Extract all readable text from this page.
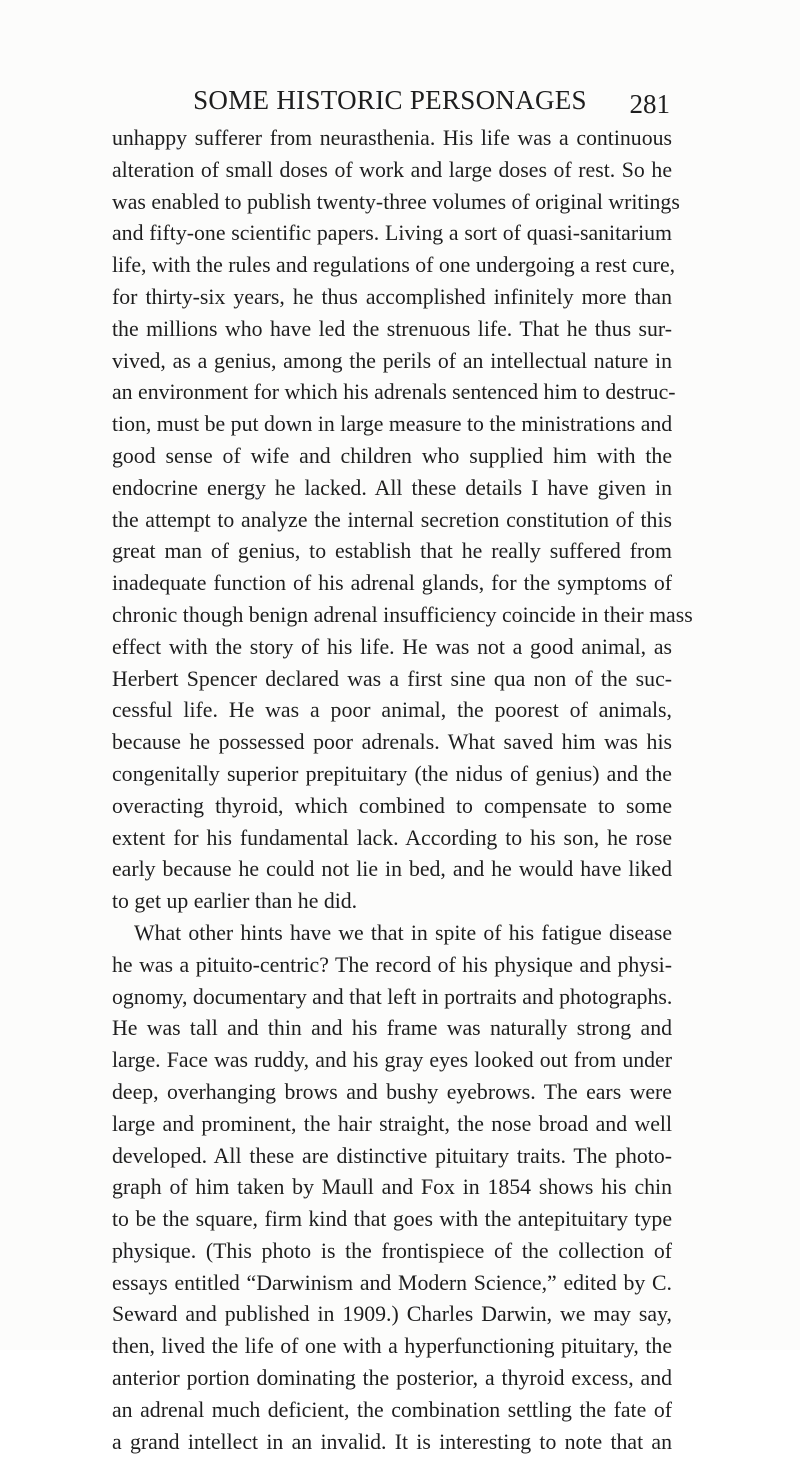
SOME HISTORIC PERSONAGES 281
unhappy sufferer from neurasthenia. His life was a continuous
alteration of small doses of work and large doses of rest. So he
was enabled to publish twenty-three volumes of original writings
and fifty-one scientific papers. Living a sort of quasi-sanitarium
life, with the rules and regulations of one undergoing a rest cure,
for thirty-six years, he thus accomplished infinitely more than
the millions who have led the strenuous life. That he thus sur-
vived, as a genius, among the perils of an intellectual nature in
an environment for which his adrenals sentenced him to destruc-
tion, must be put down in large measure to the ministrations and
good sense of wife and children who supplied him with the
endocrine energy he lacked. All these details I have given in
the attempt to analyze the internal secretion constitution of this
great man of genius, to establish that he really suffered from
inadequate function of his adrenal glands, for the symptoms of
chronic though benign adrenal insufficiency coincide in their mass
effect with the story of his life. He was not a good animal, as
Herbert Spencer declared was a first sine qua non of the suc-
cessful life. He was a poor animal, the poorest of animals,
because he possessed poor adrenals. What saved him was his
congenitally superior prepituitary (the nidus of genius) and the
overacting thyroid, which combined to compensate to some
extent for his fundamental lack. According to his son, he rose
early because he could not lie in bed, and he would have liked
to get up earlier than he did.
What other hints have we that in spite of his fatigue disease
he was a pituito-centric? The record of his physique and physi-
ognomy, documentary and that left in portraits and photographs.
He was tall and thin and his frame was naturally strong and
large. Face was ruddy, and his gray eyes looked out from under
deep, overhanging brows and bushy eyebrows. The ears were
large and prominent, the hair straight, the nose broad and well
developed. All these are distinctive pituitary traits. The photo-
graph of him taken by Maull and Fox in 1854 shows his chin
to be the square, firm kind that goes with the antepituitary type
physique. (This photo is the frontispiece of the collection of
essays entitled “Darwinism and Modern Science,” edited by C.
Seward and published in 1909.) Charles Darwin, we may say,
then, lived the life of one with a hyperfunctioning pituitary, the
anterior portion dominating the posterior, a thyroid excess, and
an adrenal much deficient, the combination settling the fate of
a grand intellect in an invalid. It is interesting to note that an
